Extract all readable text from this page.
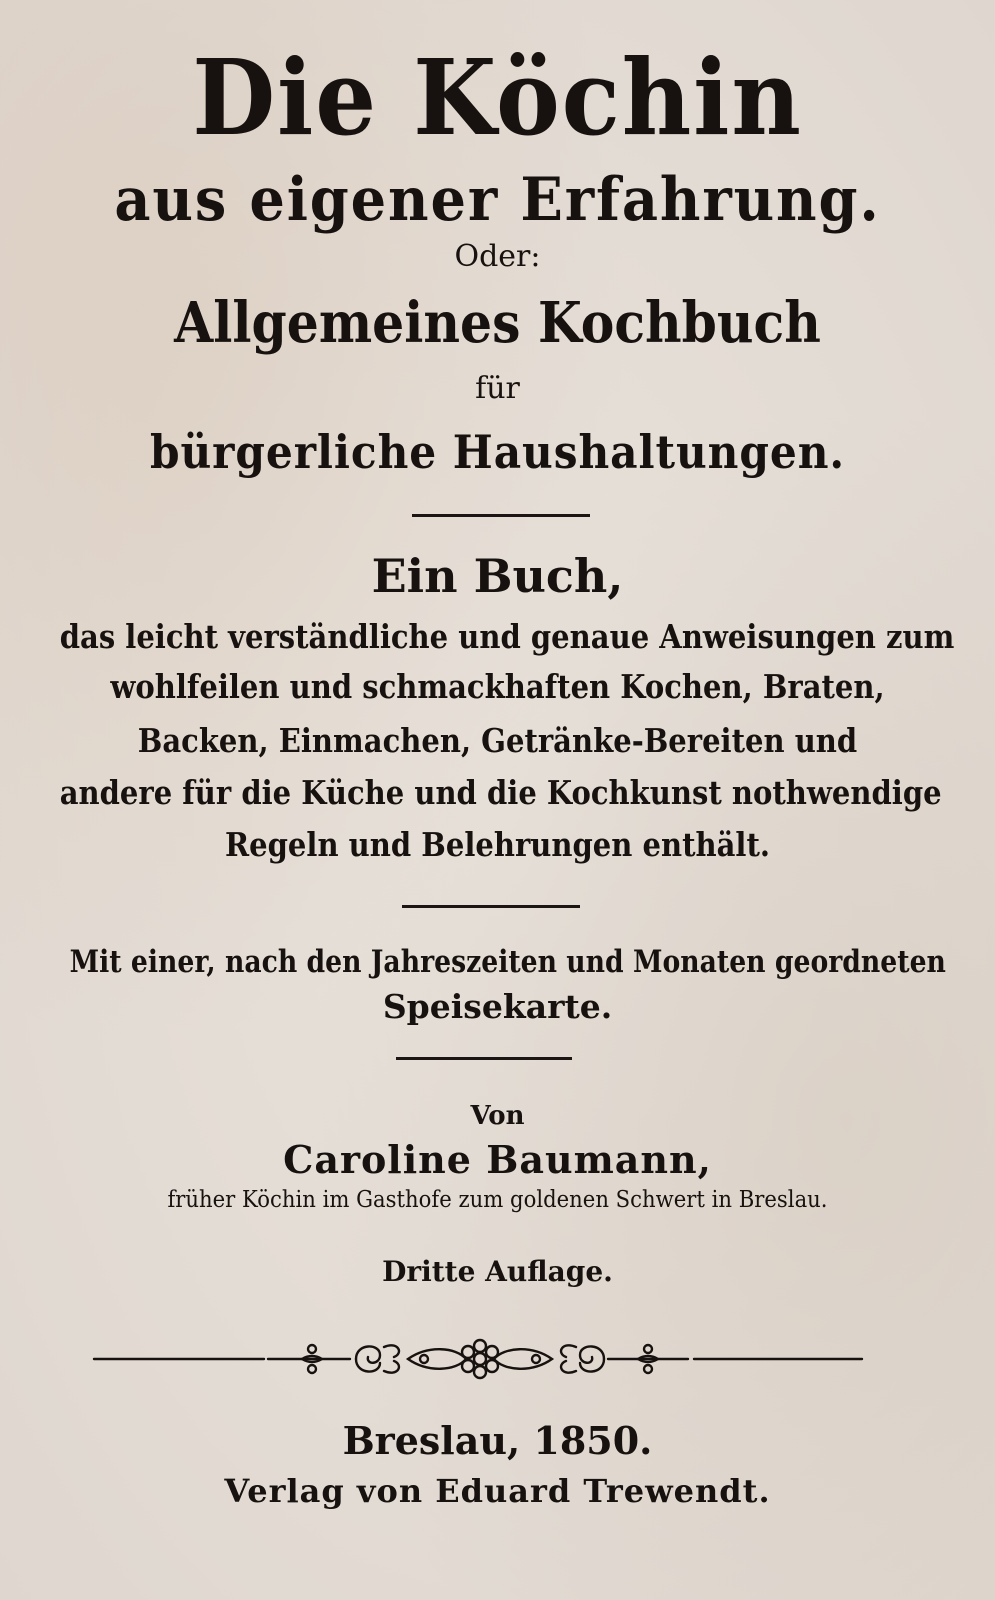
Die Köchin
aus eigener Erfahrung.
Oder:
Allgemeines Kochbuch
für
bürgerliche Haushaltungen.
Ein Buch,
das leicht verständliche und genaue Anweisungen zum
wohlfeilen und schmackhaften Kochen, Braten,
Backen, Einmachen, Getränke-Bereiten und
andere für die Küche und die Kochkunst nothwendige
Regeln und Belehrungen enthält.
Mit einer, nach den Jahreszeiten und Monaten geordneten
Speisekarte.
Von
Caroline Baumann,
früher Köchin im Gasthofe zum goldenen Schwert in Breslau.
Dritte Auflage.
Breslau, 1850.
Verlag von Eduard Trewendt.
